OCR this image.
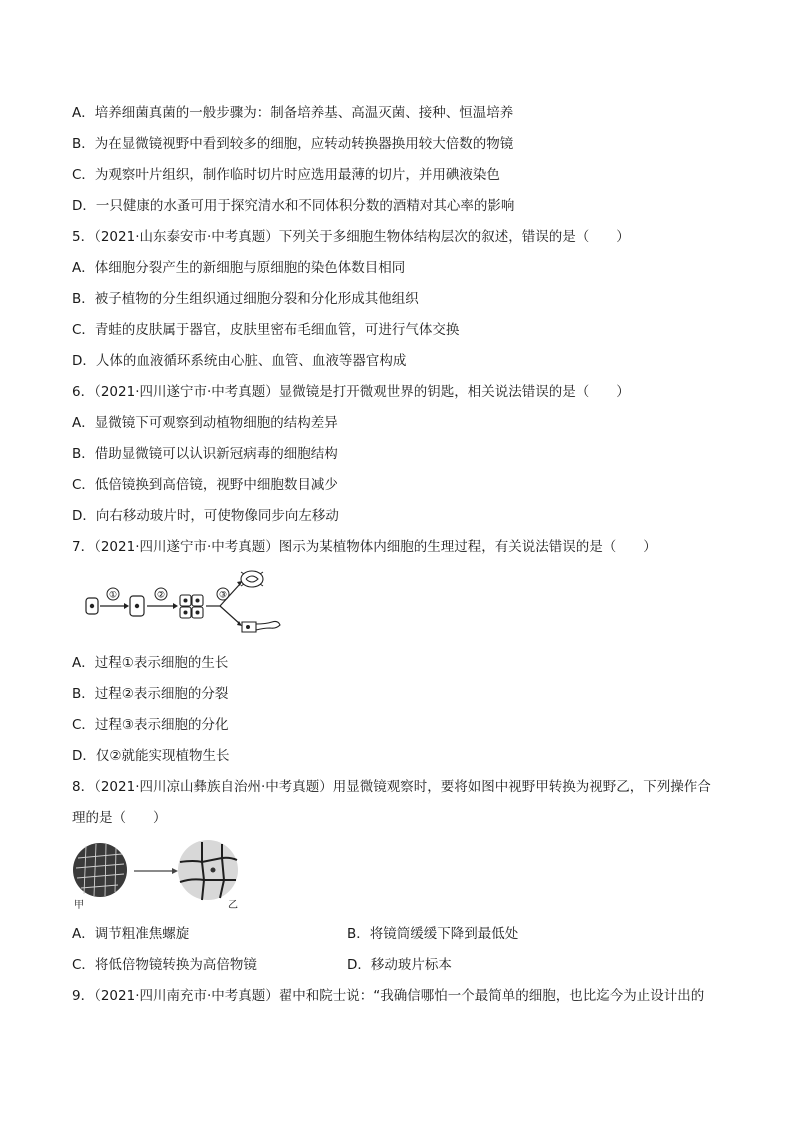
A．培养细菌真菌的一般步骤为：制备培养基、高温灭菌、接种、恒温培养
B．为在显微镜视野中看到较多的细胞，应转动转换器换用较大倍数的物镜
C．为观察叶片组织，制作临时切片时应选用最薄的切片，并用碘液染色
D．一只健康的水蚤可用于探究清水和不同体积分数的酒精对其心率的影响
5．（2021·山东泰安市·中考真题）下列关于多细胞生物体结构层次的叙述，错误的是（　　）
A．体细胞分裂产生的新细胞与原细胞的染色体数目相同
B．被子植物的分生组织通过细胞分裂和分化形成其他组织
C．青蛙的皮肤属于器官，皮肤里密布毛细血管，可进行气体交换
D．人体的血液循环系统由心脏、血管、血液等器官构成
6．（2021·四川遂宁市·中考真题）显微镜是打开微观世界的钥匙，相关说法错误的是（　　）
A．显微镜下可观察到动植物细胞的结构差异
B．借助显微镜可以认识新冠病毒的细胞结构
C．低倍镜换到高倍镜，视野中细胞数目减少
D．向右移动玻片时，可使物像同步向左移动
7．（2021·四川遂宁市·中考真题）图示为某植物体内细胞的生理过程，有关说法错误的是（　　）
①	②	③
A．过程①表示细胞的生长
B．过程②表示细胞的分裂
C．过程③表示细胞的分化
D．仅②就能实现植物生长
8．（2021·四川凉山彝族自治州·中考真题）用显微镜观察时，要将如图中视野甲转换为视野乙，下列操作合
理的是（　　）
甲	乙
A．调节粗准焦螺旋	B．将镜筒缓缓下降到最低处
C．将低倍物镜转换为高倍物镜	D．移动玻片标本
9．（2021·四川南充市·中考真题）翟中和院士说：“我确信哪怕一个最简单的细胞，也比迄今为止设计出的
